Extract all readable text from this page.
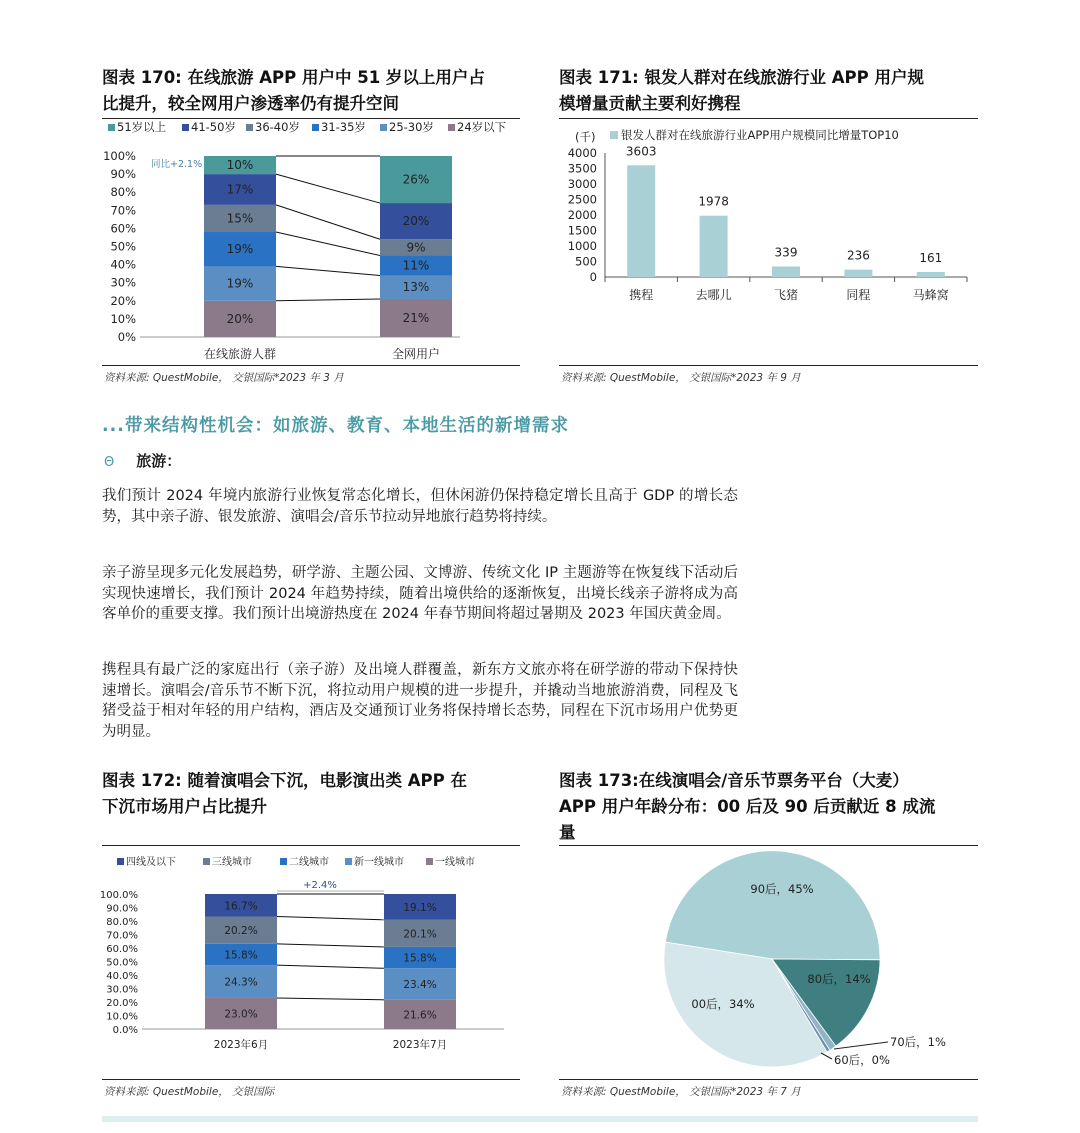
图表 170: 在线旅游 APP 用户中 51 岁以上用户占
比提升，较全网用户渗透率仍有提升空间
51岁以上 41-50岁 36-40岁 31-35岁 25-30岁 24岁以下
0%
10%
20%
30%
40%
50%
60%
70%
80%
90%
100%
20%
19%
19%
15%
17%
10%
在线旅游人群
21%
13%
11%
9%
20%
26%
全网用户
同比+2.1%
资料来源: QuestMobile， 交银国际*2023 年 3 月
图表 171: 银发人群对在线旅游行业 APP 用户规
模增量贡献主要利好携程
(千) 银发人群对在线旅游行业APP用户规模同比增量TOP10
0
500
1000
1500
2000
2500
3000
3500
4000 3603
携程
1978
去哪儿
339
飞猪
236
同程
161
马蜂窝
资料来源: QuestMobile， 交银国际*2023 年 9 月
...带来结构性机会：如旅游、教育、本地生活的新增需求
Θ 旅游：
我们预计 2024 年境内旅游行业恢复常态化增长，但休闲游仍保持稳定增长且高于 GDP 的增长态势，其中亲子游、银发旅游、演唱会/音乐节拉动异地旅行趋势将持续。
亲子游呈现多元化发展趋势，研学游、主题公园、文博游、传统文化 IP 主题游等在恢复线下活动后实现快速增长，我们预计 2024 年趋势持续，随着出境供给的逐渐恢复，出境长线亲子游将成为高客单价的重要支撑。我们预计出境游热度在 2024 年春节期间将超过暑期及 2023 年国庆黄金周。
携程具有最广泛的家庭出行（亲子游）及出境人群覆盖，新东方文旅亦将在研学游的带动下保持快速增长。演唱会/音乐节不断下沉，将拉动用户规模的进一步提升，并撬动当地旅游消费，同程及飞猪受益于相对年轻的用户结构，酒店及交通预订业务将保持增长态势，同程在下沉市场用户优势更为明显。
图表 172: 随着演唱会下沉，电影演出类 APP 在
下沉市场用户占比提升
四线及以下	三线城市	二线城市	新一线城市	一线城市
0.0%
10.0%
20.0%
30.0%
40.0%
50.0%
60.0%
70.0%
80.0%
90.0%
100.0%
23.0%
24.3%
15.8%
20.2%
16.7%
2023年6月
21.6%
23.4%
15.8%
20.1%
19.1%
2023年7月
+2.4%
资料来源: QuestMobile， 交银国际
图表 173:在线演唱会/音乐节票务平台（大麦）
APP 用户年龄分布：00 后及 90 后贡献近 8 成流
量
90后，45%
80后，14%
70后，1%
60后，0%
00后，34%
资料来源: QuestMobile， 交银国际*2023 年 7 月
